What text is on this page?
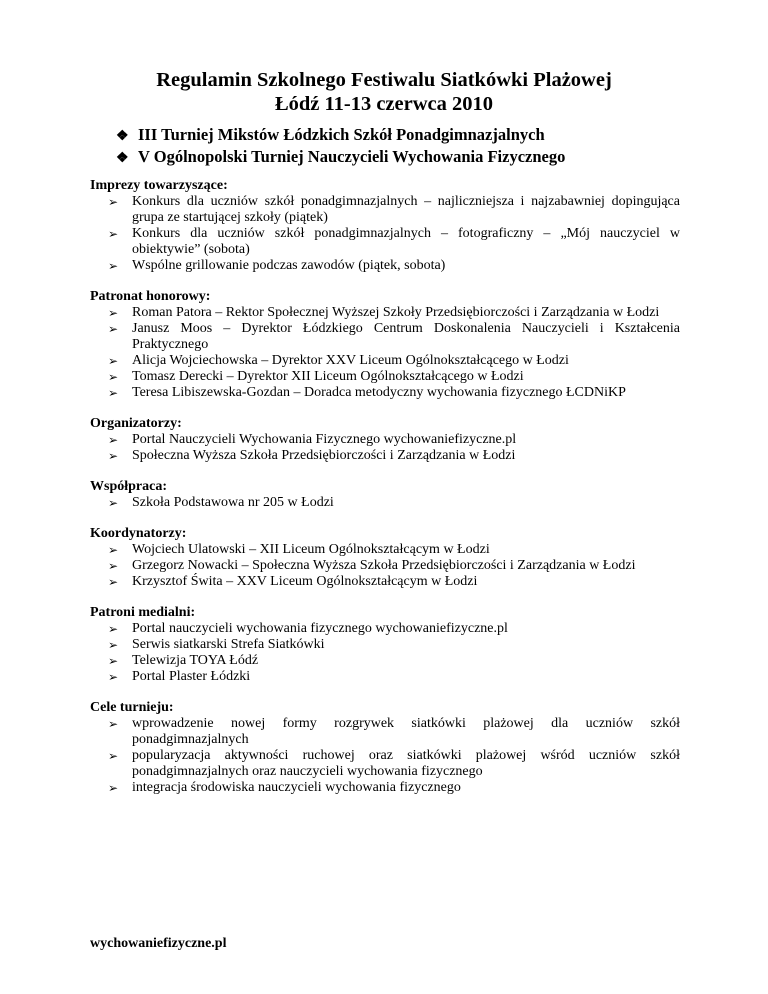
Regulamin Szkolnego Festiwalu Siatkówki Plażowej
Łódź 11-13 czerwca 2010
❖ III Turniej Mikstów Łódzkich Szkół Ponadgimnazjalnych
❖ V Ogólnopolski Turniej Nauczycieli Wychowania Fizycznego
Imprezy towarzyszące:
➢ Konkurs dla uczniów szkół ponadgimnazjalnych – najliczniejsza i najzabawniej dopingująca grupa ze startującej szkoły (piątek)
➢ Konkurs dla uczniów szkół ponadgimnazjalnych – fotograficzny – „Mój nauczyciel w obiektywie” (sobota)
➢ Wspólne grillowanie podczas zawodów (piątek, sobota)
Patronat honorowy:
➢ Roman Patora – Rektor Społecznej Wyższej Szkoły Przedsiębiorczości i Zarządzania w Łodzi
➢ Janusz Moos – Dyrektor Łódzkiego Centrum Doskonalenia Nauczycieli i Kształcenia Praktycznego
➢ Alicja Wojciechowska – Dyrektor XXV Liceum Ogólnokształcącego w Łodzi
➢ Tomasz Derecki – Dyrektor XII Liceum Ogólnokształcącego w Łodzi
➢ Teresa Libiszewska-Gozdan – Doradca metodyczny wychowania fizycznego ŁCDNiKP
Organizatorzy:
➢ Portal Nauczycieli Wychowania Fizycznego wychowaniefizyczne.pl
➢ Społeczna Wyższa Szkoła Przedsiębiorczości i Zarządzania w Łodzi
Współpraca:
➢ Szkoła Podstawowa nr 205 w Łodzi
Koordynatorzy:
➢ Wojciech Ulatowski – XII Liceum Ogólnokształcącym w Łodzi
➢ Grzegorz Nowacki – Społeczna Wyższa Szkoła Przedsiębiorczości i Zarządzania w Łodzi
➢ Krzysztof Świta – XXV Liceum Ogólnokształcącym w Łodzi
Patroni medialni:
➢ Portal nauczycieli wychowania fizycznego wychowaniefizyczne.pl
➢ Serwis siatkarski Strefa Siatkówki
➢ Telewizja TOYA Łódź
➢ Portal Plaster Łódzki
Cele turnieju:
➢ wprowadzenie nowej formy rozgrywek siatkówki plażowej dla uczniów szkół ponadgimnazjalnych
➢ popularyzacja aktywności ruchowej oraz siatkówki plażowej wśród uczniów szkół ponadgimnazjalnych oraz nauczycieli wychowania fizycznego
➢ integracja środowiska nauczycieli wychowania fizycznego
wychowaniefizyczne.pl
